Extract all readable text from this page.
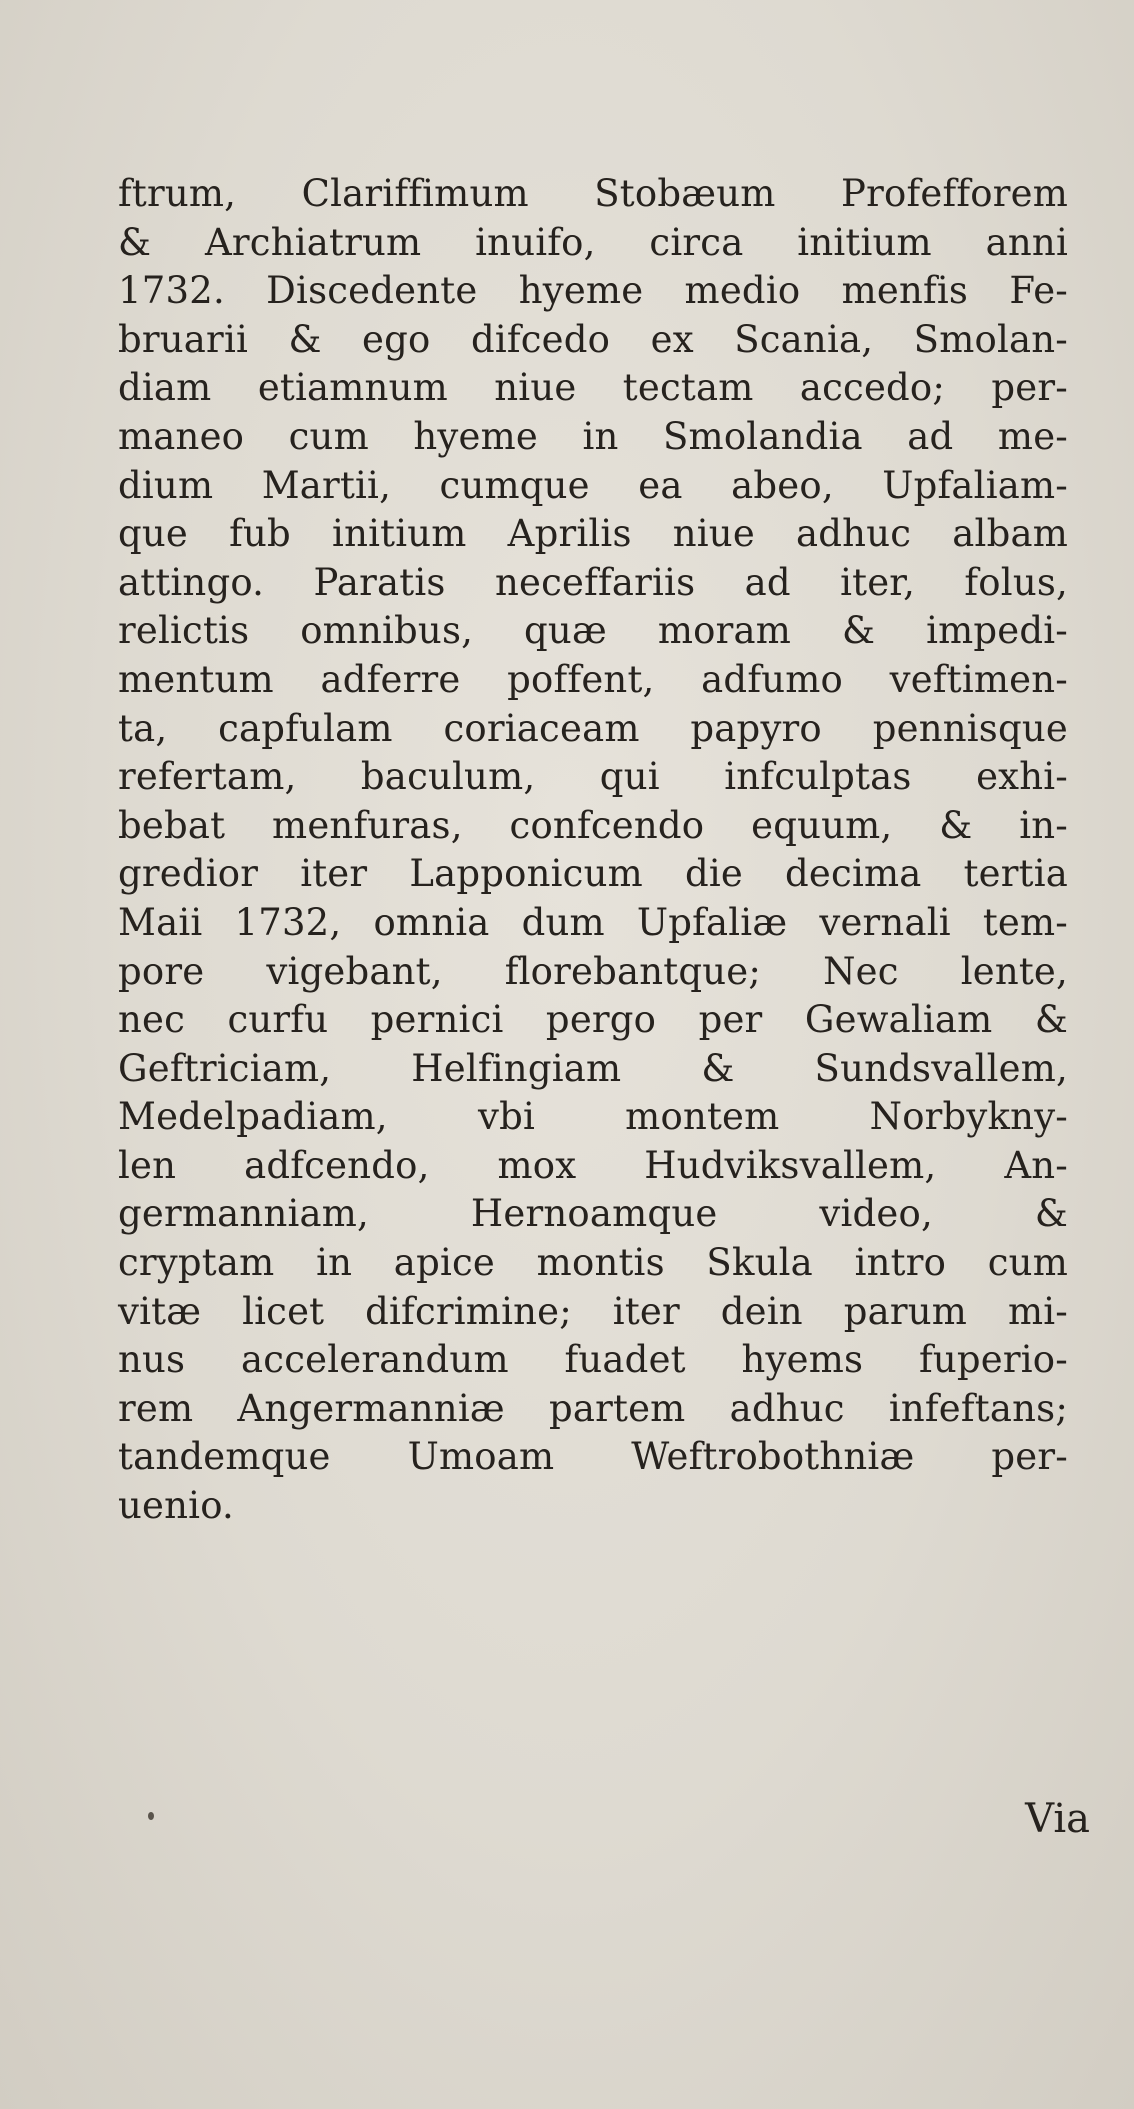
ftrum, Clariffimum Stobæum Profefforem
& Archiatrum inuifo, circa initium anni
1732. Discedente hyeme medio menfis Fe-
bruarii & ego difcedo ex Scania, Smolan-
diam etiamnum niue tectam accedo; per-
maneo cum hyeme in Smolandia ad me-
dium Martii, cumque ea abeo, Upfaliam-
que fub initium Aprilis niue adhuc albam
attingo. Paratis neceffariis ad iter, folus,
relictis omnibus, quæ moram & impedi-
mentum adferre poffent, adfumo veftimen-
ta, capfulam coriaceam papyro pennisque
refertam, baculum, qui infculptas exhi-
bebat menfuras, confcendo equum, & in-
gredior iter Lapponicum die decima tertia
Maii 1732, omnia dum Upfaliæ vernali tem-
pore vigebant, florebantque; Nec lente,
nec curfu pernici pergo per Gewaliam &
Geftriciam, Helfingiam & Sundsvallem,
Medelpadiam, vbi montem Norbykny-
len adfcendo, mox Hudviksvallem, An-
germanniam, Hernoamque video, &
cryptam in apice montis Skula intro cum
vitæ licet difcrimine; iter dein parum mi-
nus accelerandum fuadet hyems fuperio-
rem Angermanniæ partem adhuc infeftans;
tandemque Umoam Weftrobothniæ per-
uenio.
Via
